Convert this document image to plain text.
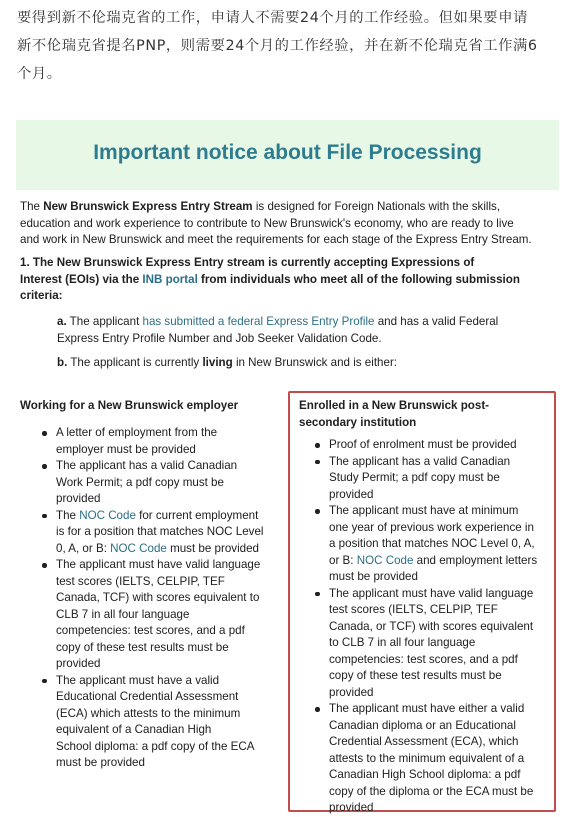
要得到新不伦瑞克省的工作，申请人不需要24个月的工作经验。但如果要申请
新不伦瑞克省提名PNP，则需要24个月的工作经验，并在新不伦瑞克省工作满6
个月。
Important notice about File Processing
The New Brunswick Express Entry Stream is designed for Foreign Nationals with the skills,
education and work experience to contribute to New Brunswick's economy, who are ready to live
and work in New Brunswick and meet the requirements for each stage of the Express Entry Stream.
1. The New Brunswick Express Entry stream is currently accepting Expressions of
Interest (EOIs) via the INB portal from individuals who meet all of the following submission
criteria:
a. The applicant has submitted a federal Express Entry Profile and has a valid Federal
Express Entry Profile Number and Job Seeker Validation Code.
b. The applicant is currently living in New Brunswick and is either:
Working for a New Brunswick employer
A letter of employment from the
employer must be provided
The applicant has a valid Canadian
Work Permit; a pdf copy must be
provided
The NOC Code for current employment
is for a position that matches NOC Level
0, A, or B: NOC Code must be provided
The applicant must have valid language
test scores (IELTS, CELPIP, TEF
Canada, TCF) with scores equivalent to
CLB 7 in all four language
competencies: test scores, and a pdf
copy of these test results must be
provided
The applicant must have a valid
Educational Credential Assessment
(ECA) which attests to the minimum
equivalent of a Canadian High
School diploma: a pdf copy of the ECA
must be provided
Enrolled in a New Brunswick post-
secondary institution
Proof of enrolment must be provided
The applicant has a valid Canadian
Study Permit; a pdf copy must be
provided
The applicant must have at minimum
one year of previous work experience in
a position that matches NOC Level 0, A,
or B: NOC Code and employment letters
must be provided
The applicant must have valid language
test scores (IELTS, CELPIP, TEF
Canada, or TCF) with scores equivalent
to CLB 7 in all four language
competencies: test scores, and a pdf
copy of these test results must be
provided
The applicant must have either a valid
Canadian diploma or an Educational
Credential Assessment (ECA), which
attests to the minimum equivalent of a
Canadian High School diploma: a pdf
copy of the diploma or the ECA must be
provided
